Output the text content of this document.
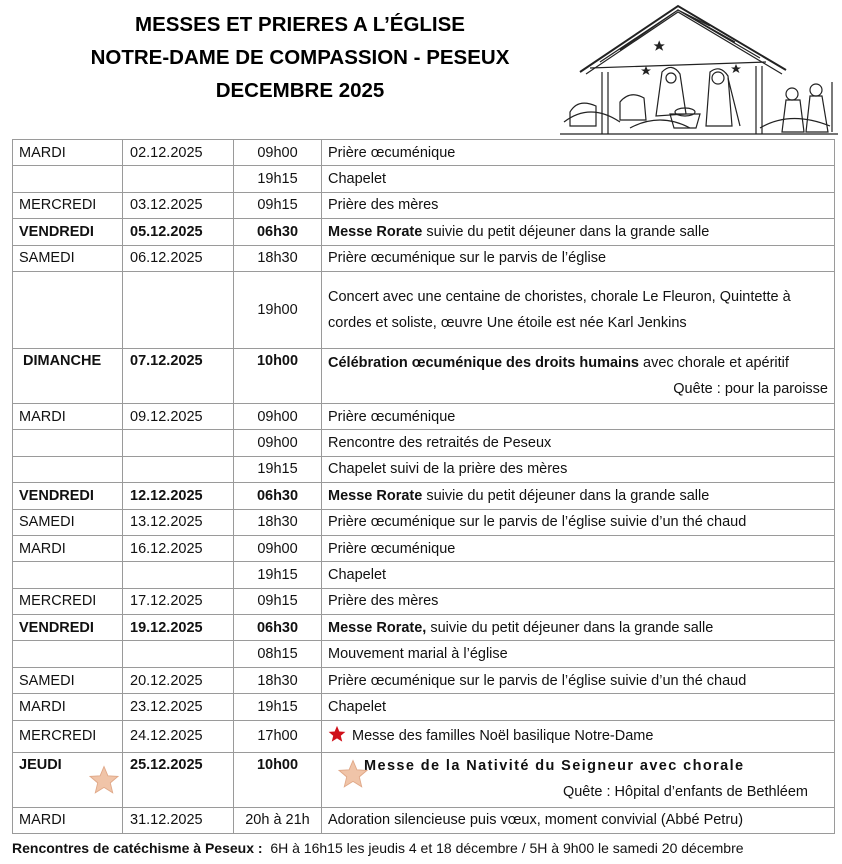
MESSES ET PRIERES A L’ÉGLISE
NOTRE-DAME DE COMPASSION - PESEUX
DECEMBRE 2025
MARDI	02.12.2025	09h00	Prière œcuménique
		19h15	Chapelet
MERCREDI	03.12.2025	09h15	Prière des mères
VENDREDI	05.12.2025	06h30	Messe Rorate suivie du petit déjeuner dans la grande salle
SAMEDI	06.12.2025	18h30	Prière œcuménique sur le parvis de l’église
		19h00	Concert avec une centaine de choristes, chorale Le Fleuron, Quintette à cordes et soliste, œuvre Une étoile est née Karl Jenkins
DIMANCHE	07.12.2025	10h00	Célébration œcuménique des droits humains avec chorale et apéritif
Quête : pour la paroisse

MARDI	09.12.2025	09h00	Prière œcuménique
		09h00	Rencontre des retraités de Peseux
		19h15	Chapelet suivi de la prière des mères
VENDREDI	12.12.2025	06h30	Messe Rorate suivie du petit déjeuner dans la grande salle
SAMEDI	13.12.2025	18h30	Prière œcuménique sur le parvis de l’église suivie d’un thé chaud
MARDI	16.12.2025	09h00	Prière œcuménique
		19h15	Chapelet
MERCREDI	17.12.2025	09h15	Prière des mères
VENDREDI	19.12.2025	06h30	Messe Rorate, suivie du petit déjeuner dans la grande salle
		08h15	Mouvement marial à l’église
SAMEDI	20.12.2025	18h30	Prière œcuménique sur le parvis de l’église suivie d’un thé chaud
MARDI	23.12.2025	19h15	Chapelet
MERCREDI	24.12.2025	17h00	Messe des familles Noël basilique Notre-Dame

JEUDI	25.12.2025	10h00	Messe de la Nativité du Seigneur avec chorale
Quête : Hôpital d’enfants de Bethléem

MARDI	31.12.2025	20h à 21h	Adoration silencieuse puis vœux, moment convivial (Abbé Petru)
Rencontres de catéchisme à Peseux : 6H à 16h15 les jeudis 4 et 18 décembre / 5H à 9h00 le samedi 20 décembre
